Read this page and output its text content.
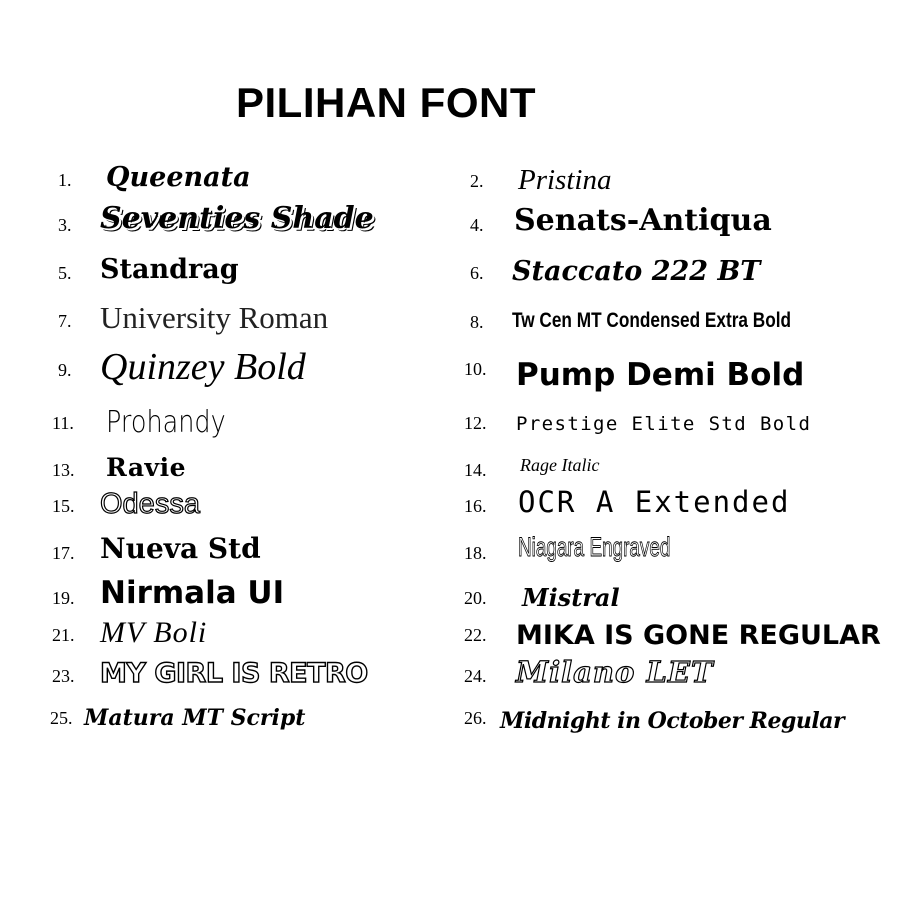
PILIHAN FONT
1. Queenata
3. Seventies Shade
5. Standrag
7. University Roman
9. Quinzey Bold
11. Prohandy
13. Ravie
15. Odessa
17. Nueva Std
19. Nirmala UI
21. MV Boli
23. MY GIRL IS RETRO
25. Matura MT Script
2. Pristina
4. Senats-Antiqua
6. Staccato 222 BT
8. Tw Cen MT Condensed Extra Bold
10. Pump Demi Bold
12. Prestige Elite Std Bold
14. Rage Italic
16. OCR A Extended
18. Niagara Engraved
20. Mistral
22. MIKA IS GONE REGULAR
24. Milano LET
26. Midnight in October Regular
